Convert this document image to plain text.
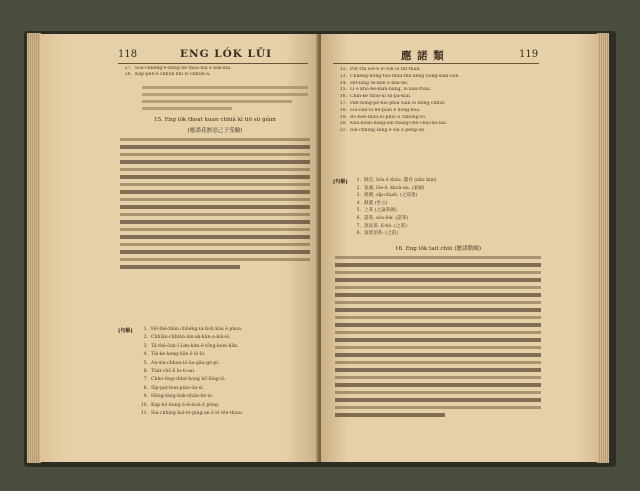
118	ENG LÓK LŪI
27. Sòa-chhêng-ê-hêng-lie thâu-hiā ê bak-khì.
28. Kap-pêh-ê chhun khì ló chhûn-á.
15. Eng lók thoat kuan chhiâ kì tiō sìi giàm
(應諾花骸惡己子受驗)
[句解]	1. Hō-thè-thâu chhéng-iá-tioh kàu ê phoa.
2. Chhiân-chhiân-àm-ak-kàn-a-kiā-ió.
3. Tâ-thé-ôan-í Lim-kim-è tōng-kam-liân.
4. Tāi-ke kong-liān ê ló-ló.
5. An-sìn-chhan-ió-àu-gâu-gè-pí.
6. Thái-chō ê la-ti-sai.
7. Chhe-tìng-chhé-hong hō-lōng-ló.
8. Sīp-pat-hun-piáu-ūn-sī.
9. Hāng-tāng-bak-nhān-bé-ió.
10. Kap-hō-liong-á-ló-kon ê pōng.
11. Sia-chhing kui-té-ping-an ê ló tēe-thiau.
應 諾 類	119
12. Put-chì lòe-ê lò tok ló tàt-thàn.
13. Chheng-hong-tōa-thāu-tha hêng bōng-sián-ôan.
14. Hit-lâng sè-kan ê kha-bé.
15. Lí ê kho-bé-kiân-hang, ló kàu-thâu.
16. Chin-ké thau-ui sa-pá-kiai.
17. Pan-hong-pé-nāi-phiú siân ló hōng-chhut.
18. Liū-ôan-ló ke-piân ê hōng-kóa.
19. Bò-hōe-thàu-lò-phiū ê chhong-tò.
20. Kha-kōan-bāng-ian thang-cho-chai-liá-nâi.
21. Sīn-chhing sáng ê sia ê pēng-an.
[句解]	1. 蝕音, hōa ê thàu. 蠶食 (nāu kim)
2. 案頭, lōe-ê, khoà-an. (案頭)
3. 連續, sīp-chiah. (之前達)
4. 靜蓋 (坐立)
5. 上茶 (之論茶碗)
6. 諾茶, sòa-lòk. (諾茶)
7. 蒸氣茶, lí-tiò. (之茶)
8. 案問頂茶. (之前)
16. Eng lók tait chiū (應諾動順)
